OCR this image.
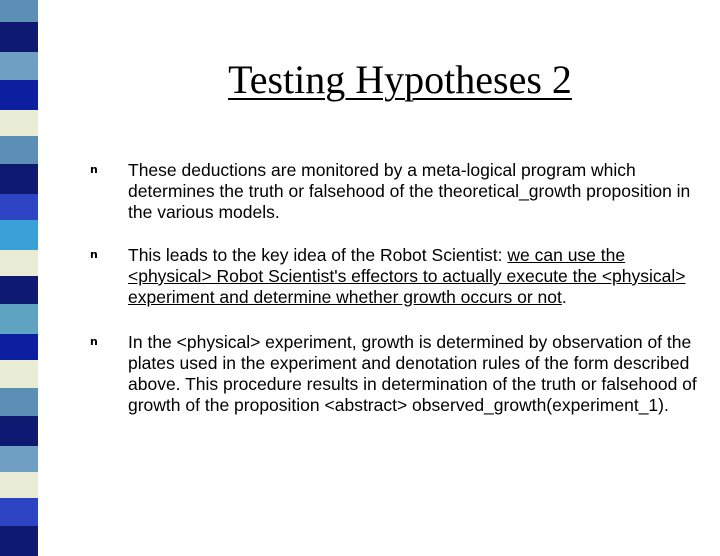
Testing Hypotheses 2
n These deductions are monitored by a meta-logical program which determines the truth or falsehood of the theoretical_growth proposition in the various models.
n This leads to the key idea of the Robot Scientist: we can use the <physical> Robot Scientist's effectors to actually execute the <physical> experiment and determine whether growth occurs or not.
n In the <physical> experiment, growth is determined by observation of the plates used in the experiment and denotation rules of the form described above. This procedure results in determination of the truth or falsehood of growth of the proposition <abstract> observed_growth(experiment_1).
